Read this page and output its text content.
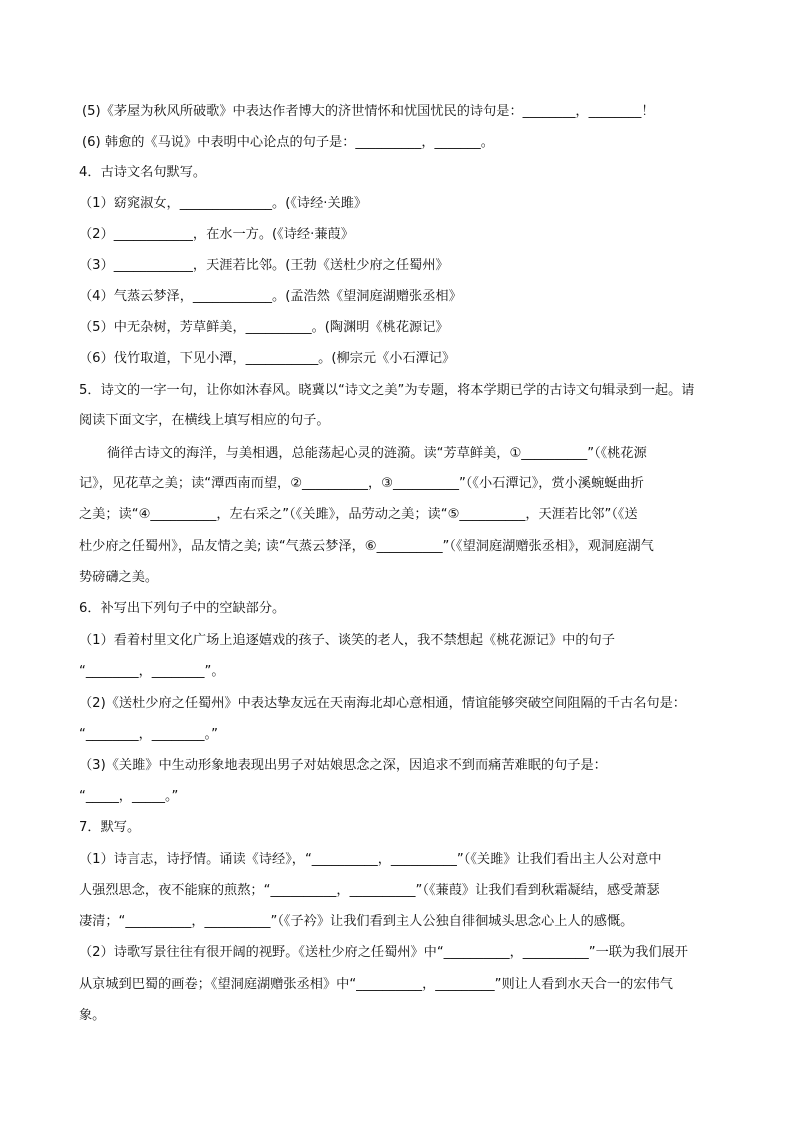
(5)《茅屋为秋风所破歌》中表达作者博大的济世情怀和忧国忧民的诗句是：________，________！
(6) 韩愈的《马说》中表明中心论点的句子是：__________，_______。
4．古诗文名句默写。
（1）窈窕淑女，______________。(《诗经·关雎》
（2）____________，在水一方。(《诗经·蒹葭》
（3）____________，天涯若比邻。(王勃《送杜少府之任蜀州》
（4）气蒸云梦泽，____________。(孟浩然《望洞庭湖赠张丞相》
（5）中无杂树，芳草鲜美，__________。(陶渊明《桃花源记》
（6）伐竹取道，下见小潭，___________。(柳宗元《小石潭记》
5．诗文的一字一句，让你如沐春风。晓冀以“诗文之美”为专题，将本学期已学的古诗文句辑录到一起。请
阅读下面文字，在横线上填写相应的句子。
徜徉古诗文的海洋，与美相遇，总能荡起心灵的涟漪。读“芳草鲜美，①__________”（《桃花源
记》，见花草之美；读“潭西南而望，②__________，③__________”（《小石潭记》，赏小溪蜿蜒曲折
之美；读“④__________，左右采之”（《关雎》，品劳动之美；读“⑤__________，天涯若比邻”（《送
杜少府之任蜀州》，品友情之美; 读“气蒸云梦泽，⑥__________”（《望洞庭湖赠张丞相》，观洞庭湖气
势磅礴之美。
6．补写出下列句子中的空缺部分。
（1）看着村里文化广场上追逐嬉戏的孩子、谈笑的老人，我不禁想起《桃花源记》中的句子
“________，________”。
（2)《送杜少府之任蜀州》中表达挚友远在天南海北却心意相通，情谊能够突破空间阻隔的千古名句是：
“________，________。”
（3)《关雎》中生动形象地表现出男子对姑娘思念之深，因追求不到而痛苦难眠的句子是：
“_____，_____。”
7．默写。
（1）诗言志，诗抒情。诵读《诗经》，“__________，__________”（《关雎》让我们看出主人公对意中
人强烈思念，夜不能寐的煎熬；“__________，__________”（《蒹葭》让我们看到秋霜凝结，感受萧瑟
凄清；“__________，__________”（《子衿》让我们看到主人公独自徘徊城头思念心上人的感慨。
（2）诗歌写景往往有很开阔的视野。《送杜少府之任蜀州》中“__________，__________”一联为我们展开
从京城到巴蜀的画卷；《望洞庭湖赠张丞相》中“__________，_________”则让人看到水天合一的宏伟气
象。
